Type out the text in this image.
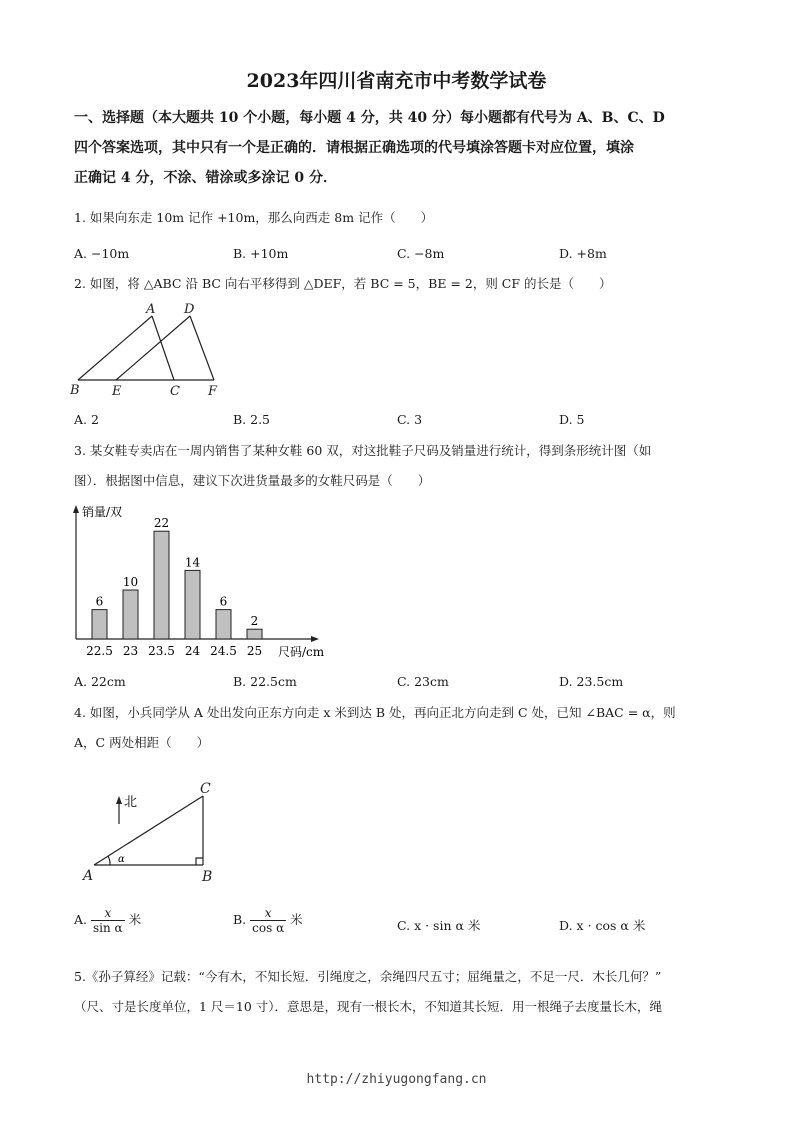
2023年四川省南充市中考数学试卷
一、选择题（本大题共 10 个小题，每小题 4 分，共 40 分）每小题都有代号为 A、B、C、D
四个答案选项，其中只有一个是正确的．请根据正确选项的代号填涂答题卡对应位置，填涂
正确记 4 分，不涂、错涂或多涂记 0 分．
1. 如果向东走 10m 记作 +10m，那么向西走 8m 记作（　　）
A. −10m	B. +10m	C. −8m	D. +8m
2. 如图，将 △ABC 沿 BC 向右平移得到 △DEF，若 BC = 5，BE = 2，则 CF 的长是（　　）
A D
B E	C F
A. 2	B. 2.5	C. 3	D. 5
3. 某女鞋专卖店在一周内销售了某种女鞋 60 双，对这批鞋子尺码及销量进行统计，得到条形统计图（如
图）．根据图中信息，建议下次进货量最多的女鞋尺码是（　　）
销量/双
尺码/cm
6
22.5
10
23
22
23.5
14
24
6
24.5
2
25
A. 22cm	B. 22.5cm	C. 23cm	D. 23.5cm
4. 如图，小兵同学从 A 处出发向正东方向走 x 米到达 B 处，再向正北方向走到 C 处，已知 ∠BAC = α，则
A，C 两处相距（　　）
北
C
A	B
α
A. $\frac{x}{\text{sin α}}$ 米	B. $\frac{x}{\text{cos α}}$ 米	C. x · sin α 米	D. x · cos α 米
5.《孙子算经》记载：“今有木，不知长短．引绳度之，余绳四尺五寸；屈绳量之，不足一尺．木长几何？”
（尺、寸是长度单位，1 尺＝10 寸）．意思是，现有一根长木，不知道其长短．用一根绳子去度量长木，绳
http://zhiyugongfang.cn
